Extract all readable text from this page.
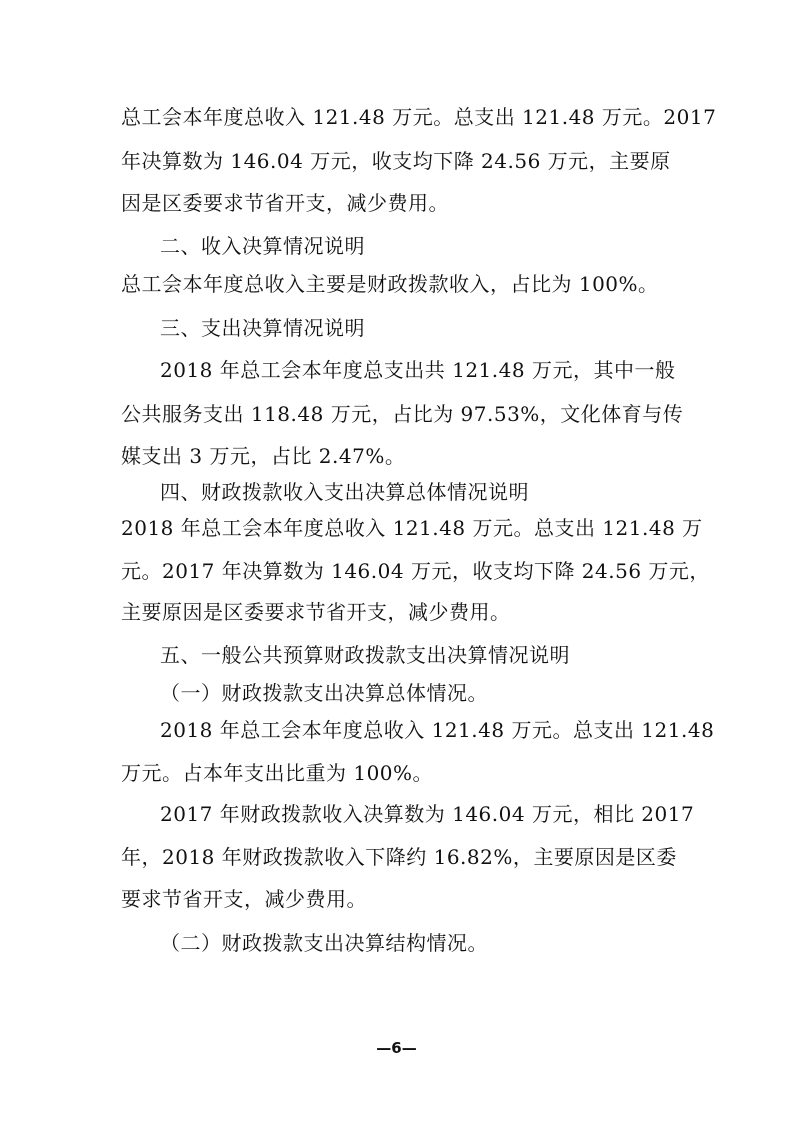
总工会本年度总收入 121.48 万元。总支出 121.48 万元。2017
年决算数为 146.04 万元，收支均下降 24.56 万元，主要原
因是区委要求节省开支，减少费用。
二、收入决算情况说明
总工会本年度总收入主要是财政拨款收入，占比为 100%。
三、支出决算情况说明
2018 年总工会本年度总支出共 121.48 万元，其中一般
公共服务支出 118.48 万元，占比为 97.53%，文化体育与传
媒支出 3 万元，占比 2.47%。
四、财政拨款收入支出决算总体情况说明
2018 年总工会本年度总收入 121.48 万元。总支出 121.48 万
元。2017 年决算数为 146.04 万元，收支均下降 24.56 万元，
主要原因是区委要求节省开支，减少费用。
五、一般公共预算财政拨款支出决算情况说明
（一）财政拨款支出决算总体情况。
2018 年总工会本年度总收入 121.48 万元。总支出 121.48
万元。占本年支出比重为 100%。
2017 年财政拨款收入决算数为 146.04 万元，相比 2017
年，2018 年财政拨款收入下降约 16.82%，主要原因是区委
要求节省开支，减少费用。
（二）财政拨款支出决算结构情况。
—6—
